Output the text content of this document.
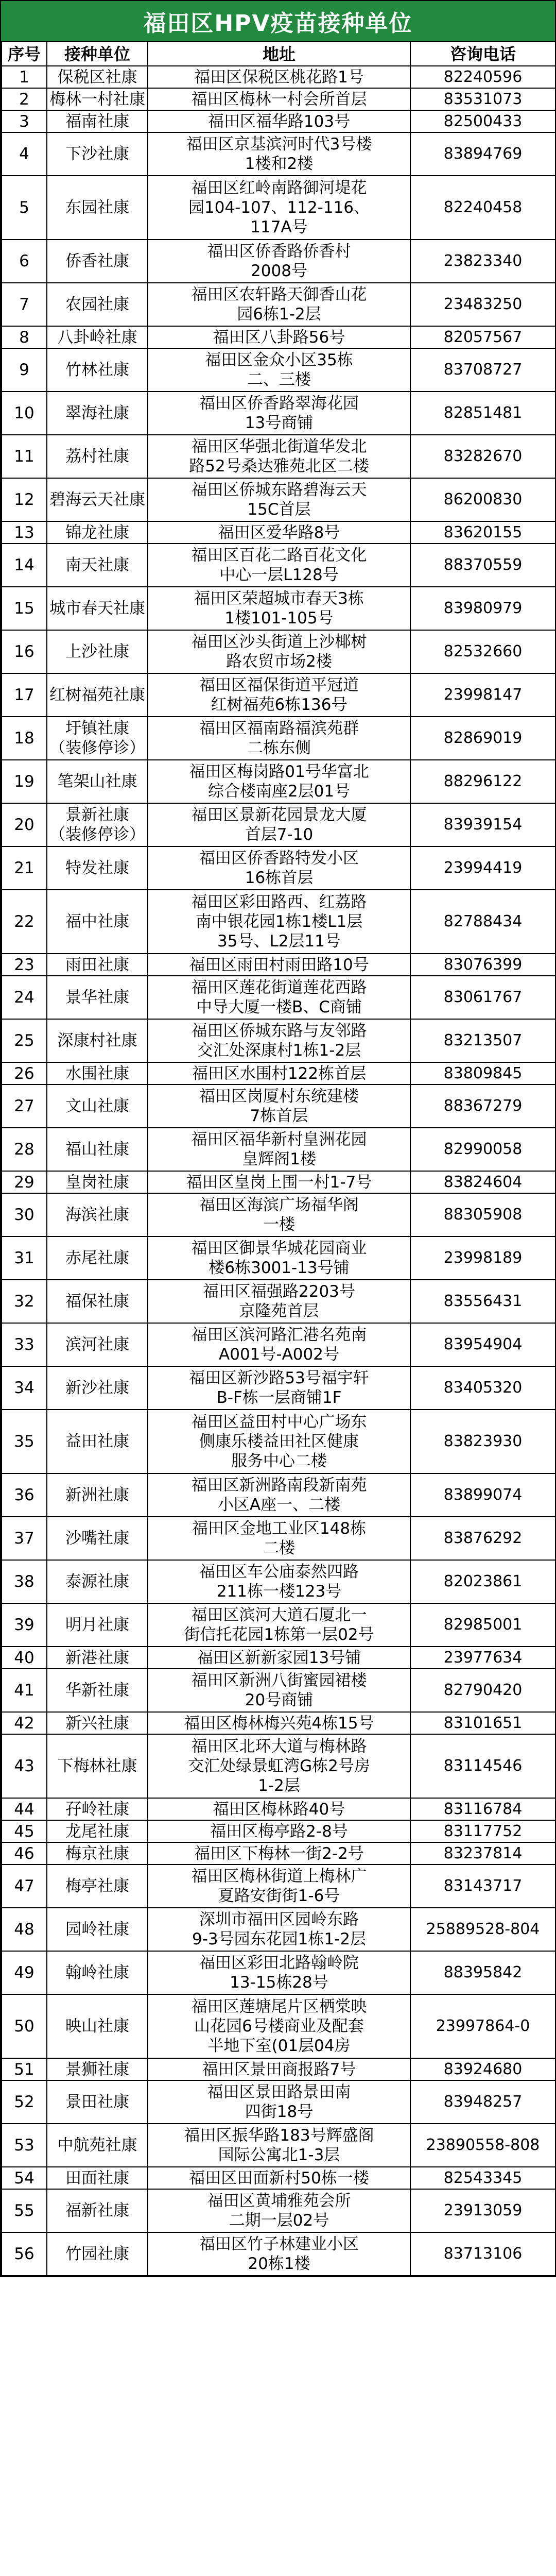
福田区HPV疫苗接种单位
序号	接种单位	地址	咨询电话
1	保税区社康	福田区保税区桃花路1号	82240596
2	梅林一村社康	福田区梅林一村会所首层	83531073
3	福南社康	福田区福华路103号	82500433
4	下沙社康	福田区京基滨河时代3号楼
1楼和2楼	83894769
5	东园社康	福田区红岭南路御河堤花
园104-107、112-116、
117A号	82240458
6	侨香社康	福田区侨香路侨香村
2008号	23823340
7	农园社康	福田区农轩路天御香山花
园6栋1-2层	23483250
8	八卦岭社康	福田区八卦路56号	82057567
9	竹林社康	福田区金众小区35栋
二、三楼	83708727
10	翠海社康	福田区侨香路翠海花园
13号商铺	82851481
11	荔村社康	福田区华强北街道华发北
路52号桑达雅苑北区二楼	83282670
12	碧海云天社康	福田区侨城东路碧海云天
15C首层	86200830
13	锦龙社康	福田区爱华路8号	83620155
14	南天社康	福田区百花二路百花文化
中心一层L128号	88370559
15	城市春天社康	福田区荣超城市春天3栋
1楼101-105号	83980979
16	上沙社康	福田区沙头街道上沙椰树
路农贸市场2楼	82532660
17	红树福苑社康	福田区福保街道平冠道
红树福苑6栋136号	23998147
18	圩镇社康
（装修停诊）	福田区福南路福滨苑群
二栋东侧	82869019
19	笔架山社康	福田区梅岗路01号华富北
综合楼南座2层01号	88296122
20	景新社康
（装修停诊）	福田区景新花园景龙大厦
首层7-10	83939154
21	特发社康	福田区侨香路特发小区
16栋首层	23994419
22	福中社康	福田区彩田路西、红荔路
南中银花园1栋1楼L1层
35号、L2层11号	82788434
23	雨田社康	福田区雨田村雨田路10号	83076399
24	景华社康	福田区莲花街道莲花西路
中导大厦一楼B、C商铺	83061767
25	深康村社康	福田区侨城东路与友邻路
交汇处深康村1栋1-2层	83213507
26	水围社康	福田区水围村122栋首层	83809845
27	文山社康	福田区岗厦村东统建楼
7栋首层	88367279
28	福山社康	福田区福华新村皇洲花园
皇辉阁1楼	82990058
29	皇岗社康	福田区皇岗上围一村1-7号	83824604
30	海滨社康	福田区海滨广场福华阁
一楼	88305908
31	赤尾社康	福田区御景华城花园商业
楼6栋3001-13号铺	23998189
32	福保社康	福田区福强路2203号
京隆苑首层	83556431
33	滨河社康	福田区滨河路汇港名苑南
A001号-A002号	83954904
34	新沙社康	福田区新沙路53号福宇轩
B-F栋一层商铺1F	83405320
35	益田社康	福田区益田村中心广场东
侧康乐楼益田社区健康
服务中心二楼	83823930
36	新洲社康	福田区新洲路南段新南苑
小区A座一、二楼	83899074
37	沙嘴社康	福田区金地工业区148栋
二楼	83876292
38	泰源社康	福田区车公庙泰然四路
211栋一楼123号	82023861
39	明月社康	福田区滨河大道石厦北一
街信托花园1栋第一层02号	82985001
40	新港社康	福田区新新家园13号铺	23977634
41	华新社康	福田区新洲八街蜜园裙楼
20号商铺	82790420
42	新兴社康	福田区梅林梅兴苑4栋15号	83101651
43	下梅林社康	福田区北环大道与梅林路
交汇处绿景虹湾G栋2号房
1-2层	83114546
44	孖岭社康	福田区梅林路40号	83116784
45	龙尾社康	福田区梅亭路2-8号	83117752
46	梅京社康	福田区下梅林一街2-2号	83237814
47	梅亭社康	福田区梅林街道上梅林广
夏路安街街1-6号	83143717
48	园岭社康	深圳市福田区园岭东路
9-3号园东花园1栋1-2层	25889528-804
49	翰岭社康	福田区彩田北路翰岭院
13-15栋28号	88395842
50	映山社康	福田区莲塘尾片区栖棠映
山花园6号楼商业及配套
半地下室(01层04房	23997864-0
51	景狮社康	福田区景田商报路7号	83924680
52	景田社康	福田区景田路景田南
四街18号	83948257
53	中航苑社康	福田区振华路183号辉盛阁
国际公寓北1-3层	23890558-808
54	田面社康	福田区田面新村50栋一楼	82543345
55	福新社康	福田区黄埔雅苑会所
二期一层02号	23913059
56	竹园社康	福田区竹子林建业小区
20栋1楼	83713106
